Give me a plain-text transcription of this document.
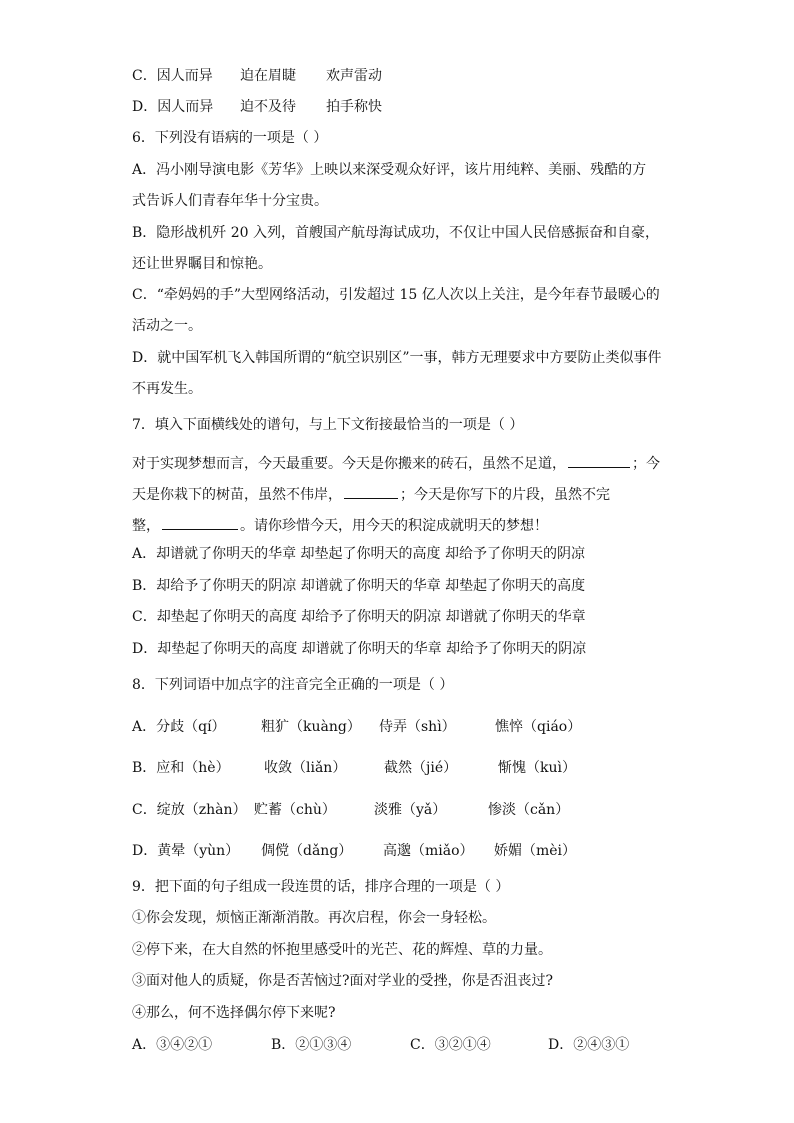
C．因人而异 迫在眉睫 欢声雷动
D．因人而异 迫不及待 拍手称快
6．下列没有语病的一项是（ ）
A．冯小刚导演电影《芳华》上映以来深受观众好评，该片用纯粹、美丽、残酷的方
式告诉人们青春年华十分宝贵。
B．隐形战机歼 20 入列，首艘国产航母海试成功，不仅让中国人民倍感振奋和自豪，
还让世界瞩目和惊艳。
C．“牵妈妈的手”大型网络活动，引发超过 15 亿人次以上关注，是今年春节最暖心的
活动之一。
D．就中国军机飞入韩国所谓的“航空识别区”一事，韩方无理要求中方要防止类似事件
不再发生。
7．填入下面横线处的谱句，与上下文衔接最恰当的一项是（ ）
对于实现梦想而言，今天最重要。今天是你搬来的砖石，虽然不足道，	；今
天是你栽下的树苗，虽然不伟岸，	；今天是你写下的片段，虽然不完
整，	。请你珍惜今天，用今天的积淀成就明天的梦想！
A．却谱就了你明天的华章 却垫起了你明天的高度 却给予了你明天的阴凉
B．却给予了你明天的阴凉 却谱就了你明天的华章 却垫起了你明天的高度
C．却垫起了你明天的高度 却给予了你明天的阴凉 却谱就了你明天的华章
D．却垫起了你明天的高度 却谱就了你明天的华章 却给予了你明天的阴凉
8．下列词语中加点字的注音完全正确的一项是（ ）
A．分歧（qí）	粗犷（kuàng） 侍弄（shì）	憔悴（qiáo）
B．应和（hè） 收敛（liǎn）	截然（jié）	惭愧（kuì）
C．绽放（zhàn） 贮蓄（chù）	淡雅（yǎ）	惨淡（cǎn）
D．黄晕（yùn） 倜傥（dǎng） 高邈（miǎo） 娇媚（mèi）
9．把下面的句子组成一段连贯的话，排序合理的一项是（ ）
①你会发现，烦恼正渐渐消散。再次启程，你会一身轻松。
②停下来，在大自然的怀抱里感受叶的光芒、花的辉煌、草的力量。
③面对他人的质疑，你是否苦恼过?面对学业的受挫，你是否沮丧过?
④那么，何不选择偶尔停下来呢?
A．③④②①	B．②①③④	C．③②①④	D．②④③①
